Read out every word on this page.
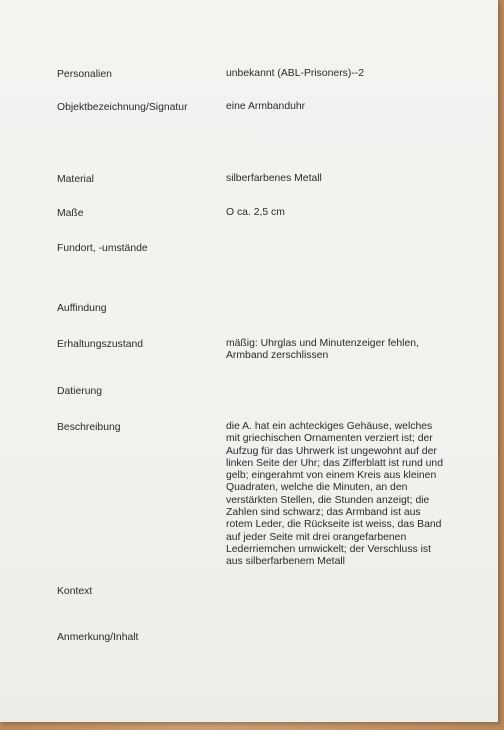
Personalien	unbekannt (ABL-Prisoners)--2
Objektbezeichnung/Signatur	eine Armbanduhr
Material	silberfarbenes Metall
Maße	O ca. 2,5 cm
Fundort, -umstände
Auffindung
Erhaltungszustand	mäßig: Uhrglas und Minutenzeiger fehlen, Armband zerschlissen
Datierung
Beschreibung	die A. hat ein achteckiges Gehäuse, welches mit griechischen Ornamenten verziert ist; der Aufzug für das Uhrwerk ist ungewohnt auf der linken Seite der Uhr; das Zifferblatt ist rund und gelb; eingerahmt von einem Kreis aus kleinen Quadraten, welche die Minuten, an den verstärkten Stellen, die Stunden anzeigt; die Zahlen sind schwarz; das Armband ist aus rotem Leder, die Rückseite ist weiss, das Band auf jeder Seite mit drei orangefarbenen Lederriemchen umwickelt; der Verschluss ist aus silberfarbenem Metall
Kontext
Anmerkung/Inhalt
